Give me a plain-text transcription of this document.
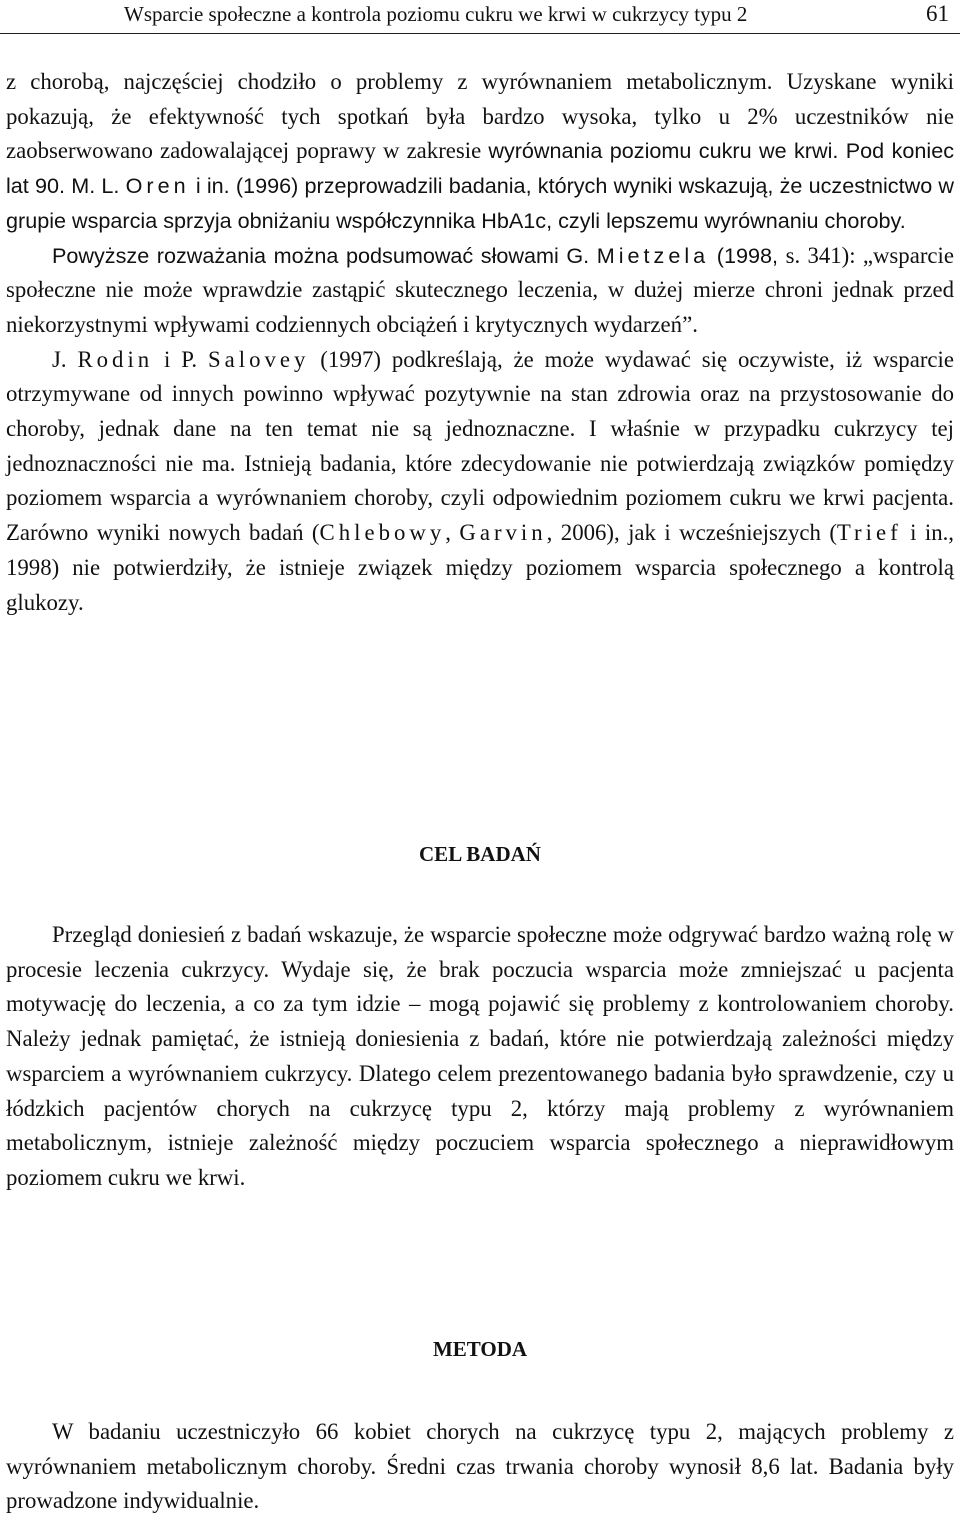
Wsparcie społeczne a kontrola poziomu cukru we krwi w cukrzycy typu 2	61

z chorobą, najczęściej chodziło o problemy z wyrównaniem metabolicznym. Uzyskane wyniki pokazują, że efektywność tych spotkań była bardzo wysoka, tylko u 2% uczestników nie zaobserwowano zadowalającej poprawy w zakresie wyrównania poziomu cukru we krwi. Pod koniec lat 90. M. L. Oren i in. (1996) przeprowadzili badania, których wyniki wskazują, że uczestnictwo w grupie wsparcia sprzyja obniżaniu współczynnika HbA1c, czyli lepszemu wyrównaniu choroby.

Powyższe rozważania można podsumować słowami G. Mietzela (1998, s. 341): „wsparcie społeczne nie może wprawdzie zastąpić skutecznego leczenia, w dużej mierze chroni jednak przed niekorzystnymi wpływami codziennych obciążeń i krytycznych wydarzeń”.

J. Rodin i P. Salovey (1997) podkreślają, że może wydawać się oczywiste, iż wsparcie otrzymywane od innych powinno wpływać pozytywnie na stan zdrowia oraz na przystosowanie do choroby, jednak dane na ten temat nie są jednoznaczne. I właśnie w przypadku cukrzycy tej jednoznaczności nie ma. Istnieją badania, które zdecydowanie nie potwierdzają związków pomiędzy poziomem wsparcia a wyrównaniem choroby, czyli odpowiednim poziomem cukru we krwi pacjenta. Zarówno wyniki nowych badań (Chlebowy, Garvin, 2006), jak i wcześniejszych (Trief i in., 1998) nie potwierdziły, że istnieje związek między poziomem wsparcia społecznego a kontrolą glukozy.

CEL BADAŃ

Przegląd doniesień z badań wskazuje, że wsparcie społeczne może odgrywać bardzo ważną rolę w procesie leczenia cukrzycy. Wydaje się, że brak poczucia wsparcia może zmniejszać u pacjenta motywację do leczenia, a co za tym idzie – mogą pojawić się problemy z kontrolowaniem choroby. Należy jednak pamiętać, że istnieją doniesienia z badań, które nie potwierdzają zależności między wsparciem a wyrównaniem cukrzycy. Dlatego celem prezentowanego badania było sprawdzenie, czy u łódzkich pacjentów chorych na cukrzycę typu 2, którzy mają problemy z wyrównaniem metabolicznym, istnieje zależność między poczuciem wsparcia społecznego a nieprawidłowym poziomem cukru we krwi.

METODA

W badaniu uczestniczyło 66 kobiet chorych na cukrzycę typu 2, mających problemy z wyrównaniem metabolicznym choroby. Średni czas trwania choroby wynosił 8,6 lat. Badania były prowadzone indywidualnie.
